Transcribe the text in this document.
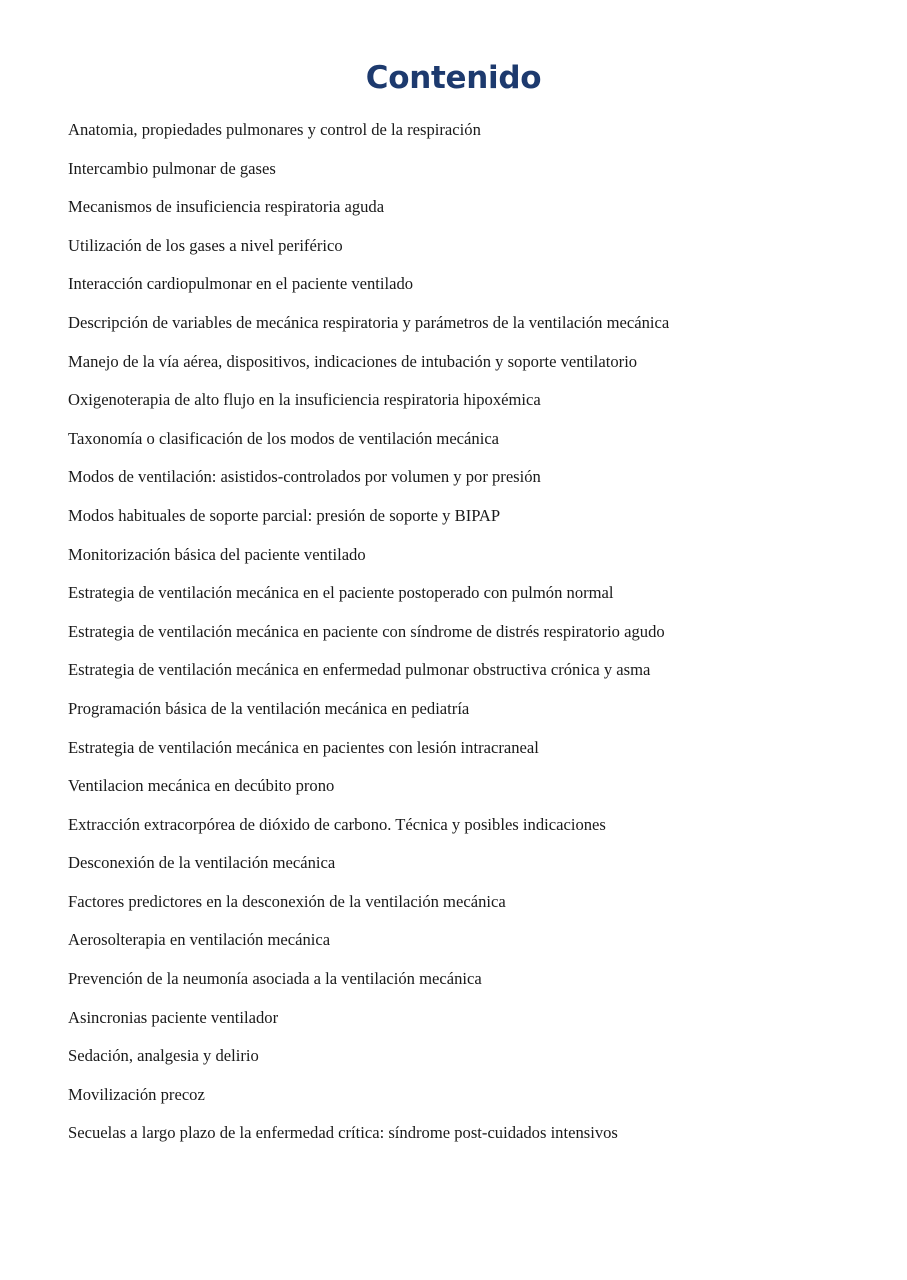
Contenido
Anatomia, propiedades pulmonares y control de la respiración
Intercambio pulmonar de gases
Mecanismos de insuficiencia respiratoria aguda
Utilización de los gases a nivel periférico
Interacción cardiopulmonar en el paciente ventilado
Descripción de variables de mecánica respiratoria y parámetros de la ventilación mecánica
Manejo de la vía aérea, dispositivos, indicaciones de intubación y soporte ventilatorio
Oxigenoterapia de alto flujo en la insuficiencia respiratoria hipoxémica
Taxonomía o clasificación de los modos de ventilación mecánica
Modos de ventilación: asistidos-controlados por volumen y por presión
Modos habituales de soporte parcial: presión de soporte y BIPAP
Monitorización básica del paciente ventilado
Estrategia de ventilación mecánica en el paciente postoperado con pulmón normal
Estrategia de ventilación mecánica en paciente con síndrome de distrés respiratorio agudo
Estrategia de ventilación mecánica en enfermedad pulmonar obstructiva crónica y asma
Programación básica de la ventilación mecánica en pediatría
Estrategia de ventilación mecánica en pacientes con lesión intracraneal
Ventilacion mecánica en decúbito prono
Extracción extracorpórea de dióxido de carbono. Técnica y posibles indicaciones
Desconexión de la ventilación mecánica
Factores predictores en la desconexión de la ventilación mecánica
Aerosolterapia en ventilación mecánica
Prevención de la neumonía asociada a la ventilación mecánica
Asincronias paciente ventilador
Sedación, analgesia y delirio
Movilización precoz
Secuelas a largo plazo de la enfermedad crítica: síndrome post-cuidados intensivos
